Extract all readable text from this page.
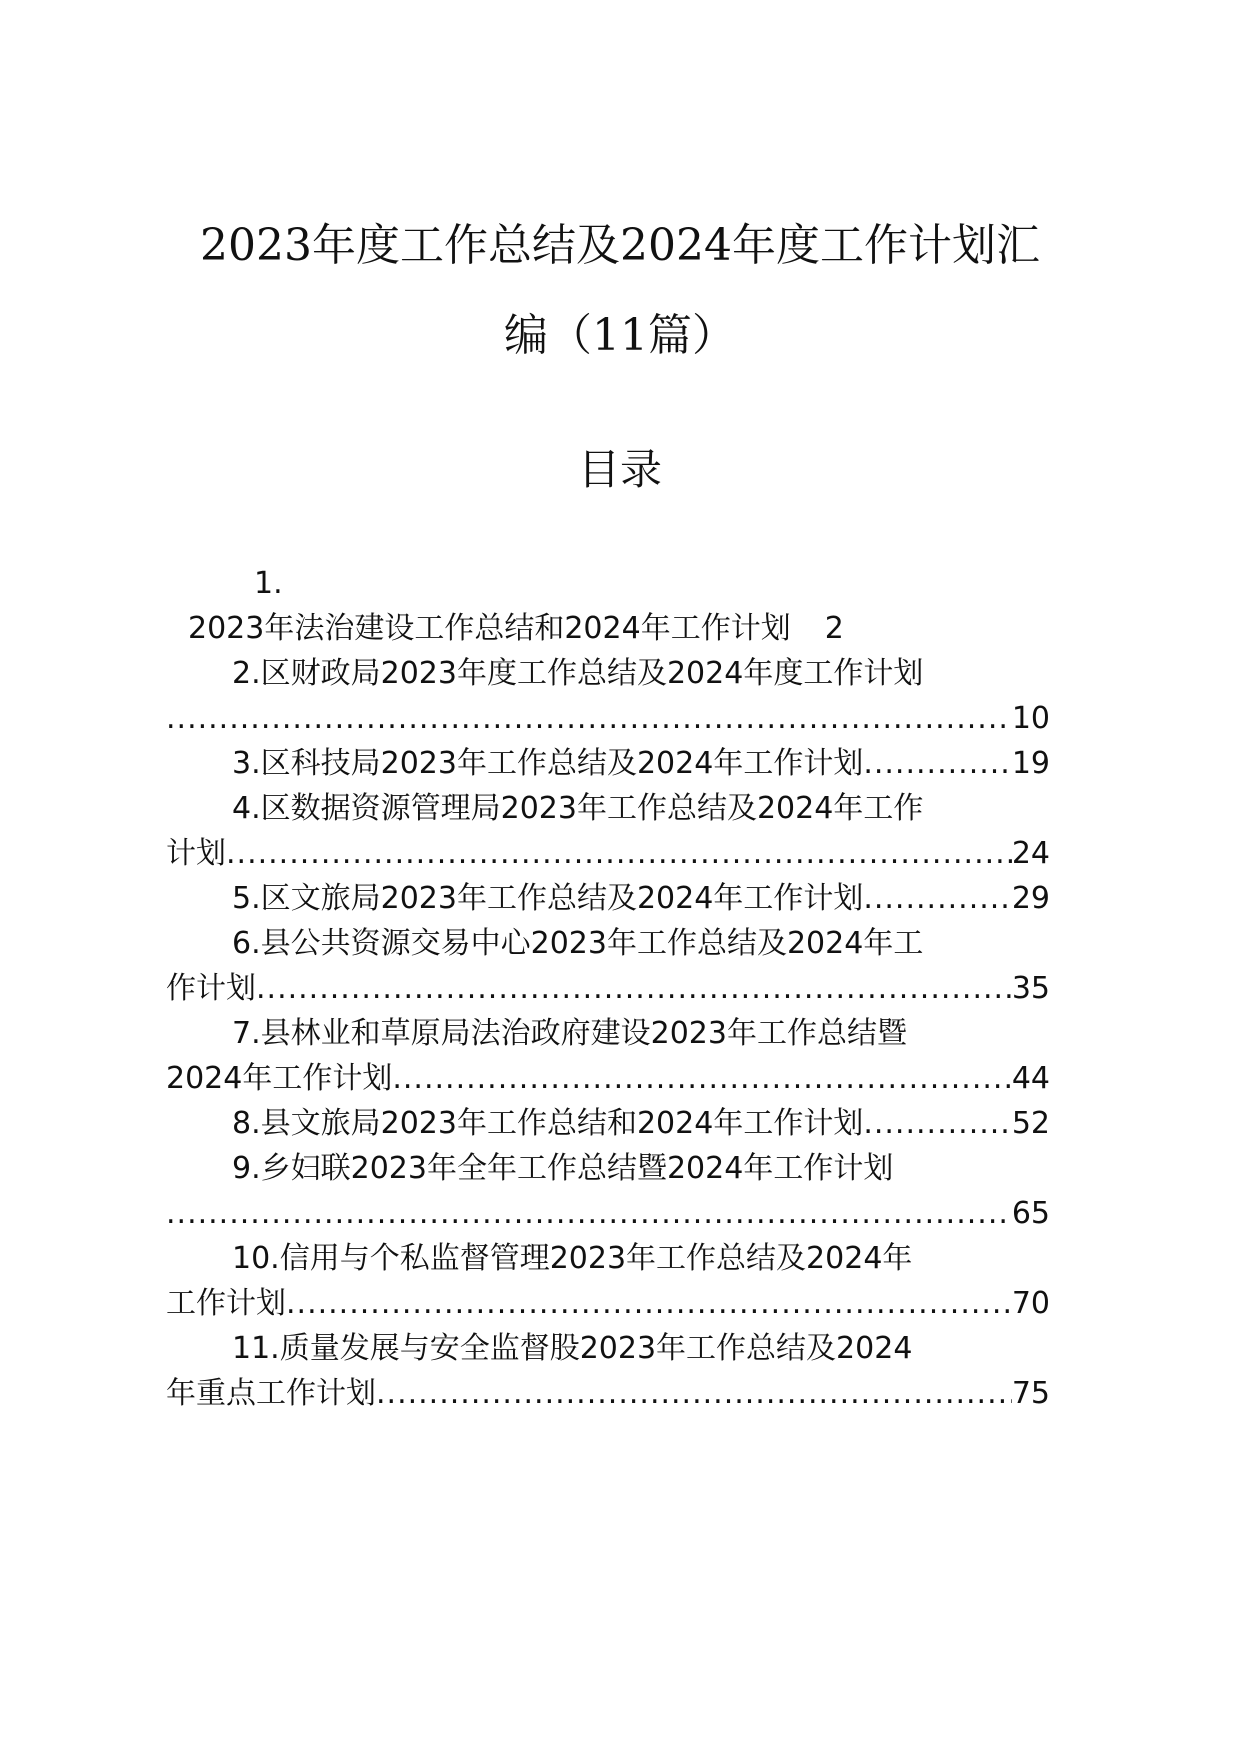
2023年度工作总结及2024年度工作计划汇
编（11篇）
目录
1.
2023年法治建设工作总结和2024年工作计划 2
2.区财政局2023年度工作总结及2024年度工作计划
.....
10
3.区科技局2023年工作总结及2024年工作计划 .....	19
4.区数据资源管理局2023年工作总结及2024年工作
计划 .....	24
5.区文旅局2023年工作总结及2024年工作计划 .....	29
6.县公共资源交易中心2023年工作总结及2024年工
作计划 .....	35
7.县林业和草原局法治政府建设2023年工作总结暨
2024年工作计划 .....	44
8.县文旅局2023年工作总结和2024年工作计划 .....	52
9.乡妇联2023年全年工作总结暨2024年工作计划
.....
65
10.信用与个私监督管理2023年工作总结及2024年
工作计划 .....	70
11.质量发展与安全监督股2023年工作总结及2024
年重点工作计划 .....	75
